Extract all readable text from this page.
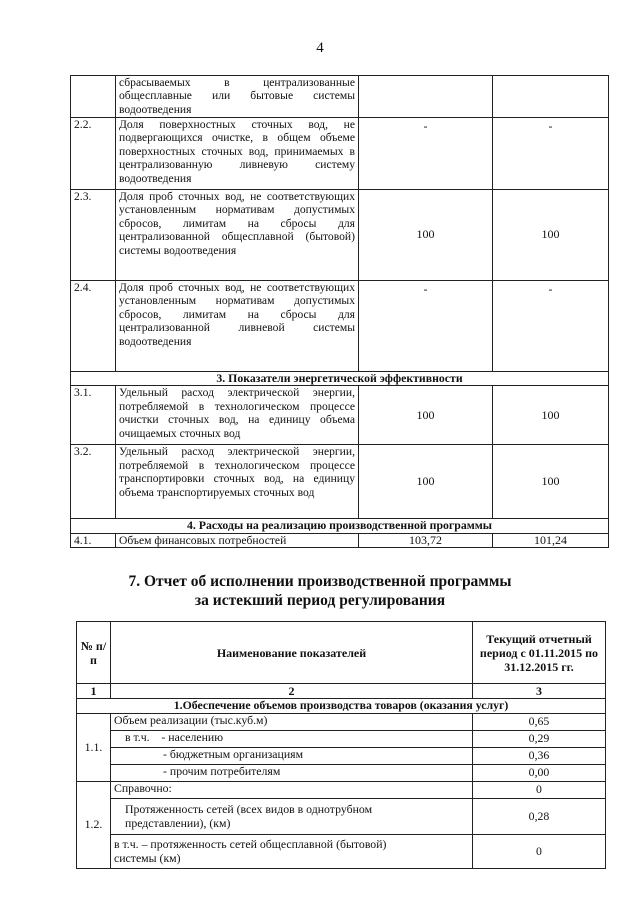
4
	сбрасываемых в централизованные общесплавные или бытовые системы водоотведения		
2.2.	Доля поверхностных сточных вод, не подвергающихся очистке, в общем объеме поверхностных сточных вод, принимаемых в централизованную ливневую систему водоотведения	-	-
2.3.	Доля проб сточных вод, не соответствующих установленным нормативам допустимых сбросов, лимитам на сбросы для централизованной общесплавной (бытовой) системы водоотведения	100	100
2.4.	Доля проб сточных вод, не соответствующих установленным нормативам допустимых сбросов, лимитам на сбросы для централизованной ливневой системы водоотведения	-	-
3. Показатели энергетической эффективности			
3.1.	Удельный расход электрической энергии, потребляемой в технологическом процессе очистки сточных вод, на единицу объема очищаемых сточных вод	100	100
3.2.	Удельный расход электрической энергии, потребляемой в технологическом процессе транспортировки сточных вод, на единицу объема транспортируемых сточных вод	100	100
4. Расходы на реализацию производственной программы			
4.1.	Объем финансовых потребностей	103,72	101,24
7. Отчет об исполнении производственной программы
за истекший период регулирования
№ п/п	Наименование показателей	Текущий отчетный период с 01.11.2015 по 31.12.2015 гг.
1	2	3
1.Обеспечение объемов производства товаров (оказания услуг)		
1.1.	Объем реализации (тыс.куб.м)	0,65
	в т.ч.    - населению	0,29
	- бюджетным организациям	0,36
	- прочим потребителям	0,00
1.2.	Справочно:	0
	Протяженность сетей (всех видов в однотрубном представлении), (км)	0,28
	в т.ч. – протяженность сетей общесплавной (бытовой) системы (км)	0
